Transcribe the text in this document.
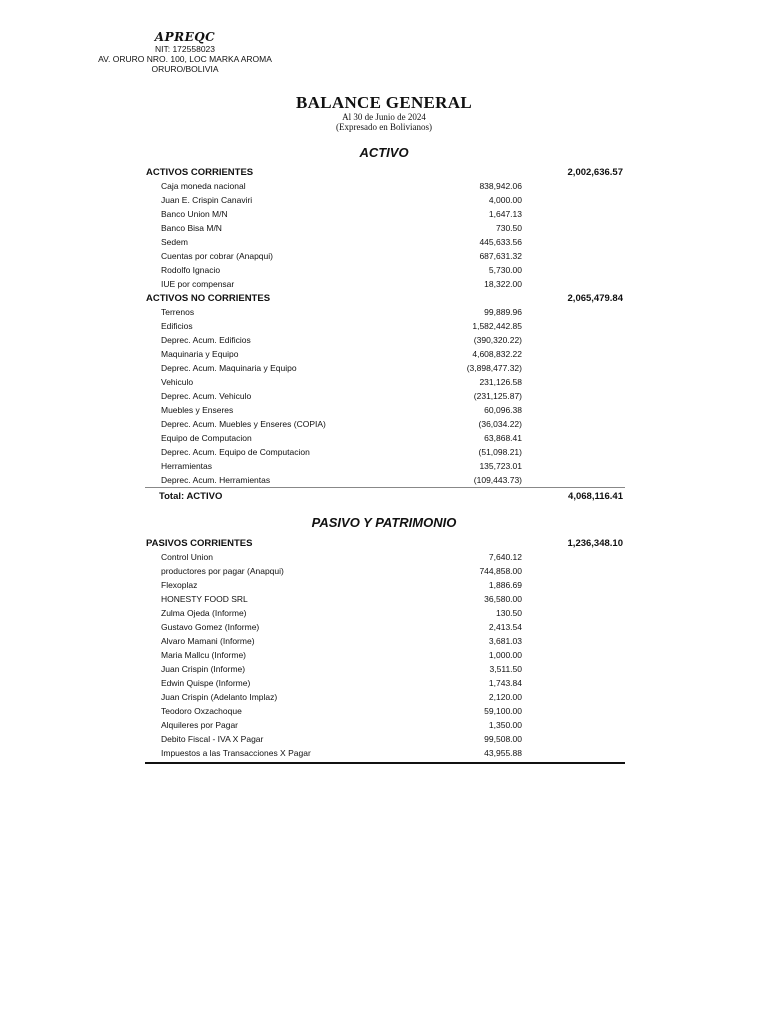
APREQC
NIT: 172558023
AV. ORURO NRO. 100, LOC MARKA AROMA
ORURO/BOLIVIA
BALANCE GENERAL
Al 30 de Junio de 2024
(Expresado en Bolivianos)
ACTIVO
ACTIVOS CORRIENTES	2,002,636.57
Caja moneda nacional	838,942.06
Juan E. Crispin Canaviri	4,000.00
Banco Union M/N	1,647.13
Banco Bisa M/N	730.50
Sedem	445,633.56
Cuentas por cobrar (Anapqui)	687,631.32
Rodolfo Ignacio	5,730.00
IUE por compensar	18,322.00
ACTIVOS NO CORRIENTES	2,065,479.84
Terrenos	99,889.96
Edificios	1,582,442.85
Deprec. Acum. Edificios	(390,320.22)
Maquinaria y Equipo	4,608,832.22
Deprec. Acum. Maquinaria y Equipo	(3,898,477.32)
Vehiculo	231,126.58
Deprec. Acum. Vehiculo	(231,125.87)
Muebles y Enseres	60,096.38
Deprec. Acum. Muebles y Enseres (COPIA)	(36,034.22)
Equipo de Computacion	63,868.41
Deprec. Acum. Equipo de Computacion	(51,098.21)
Herramientas	135,723.01
Deprec. Acum. Herramientas	(109,443.73)
Total: ACTIVO	4,068,116.41
PASIVO Y PATRIMONIO
PASIVOS CORRIENTES	1,236,348.10
Control Union	7,640.12
productores por pagar (Anapqui)	744,858.00
Flexoplaz	1,886.69
HONESTY FOOD SRL	36,580.00
Zulma Ojeda (Informe)	130.50
Gustavo Gomez (Informe)	2,413.54
Alvaro Mamani (Informe)	3,681.03
Maria Mallcu (Informe)	1,000.00
Juan Crispin (Informe)	3,511.50
Edwin Quispe (Informe)	1,743.84
Juan Crispin (Adelanto Implaz)	2,120.00
Teodoro Oxzachoque	59,100.00
Alquileres por Pagar	1,350.00
Debito Fiscal - IVA X Pagar	99,508.00
Impuestos a las Transacciones X Pagar	43,955.88
